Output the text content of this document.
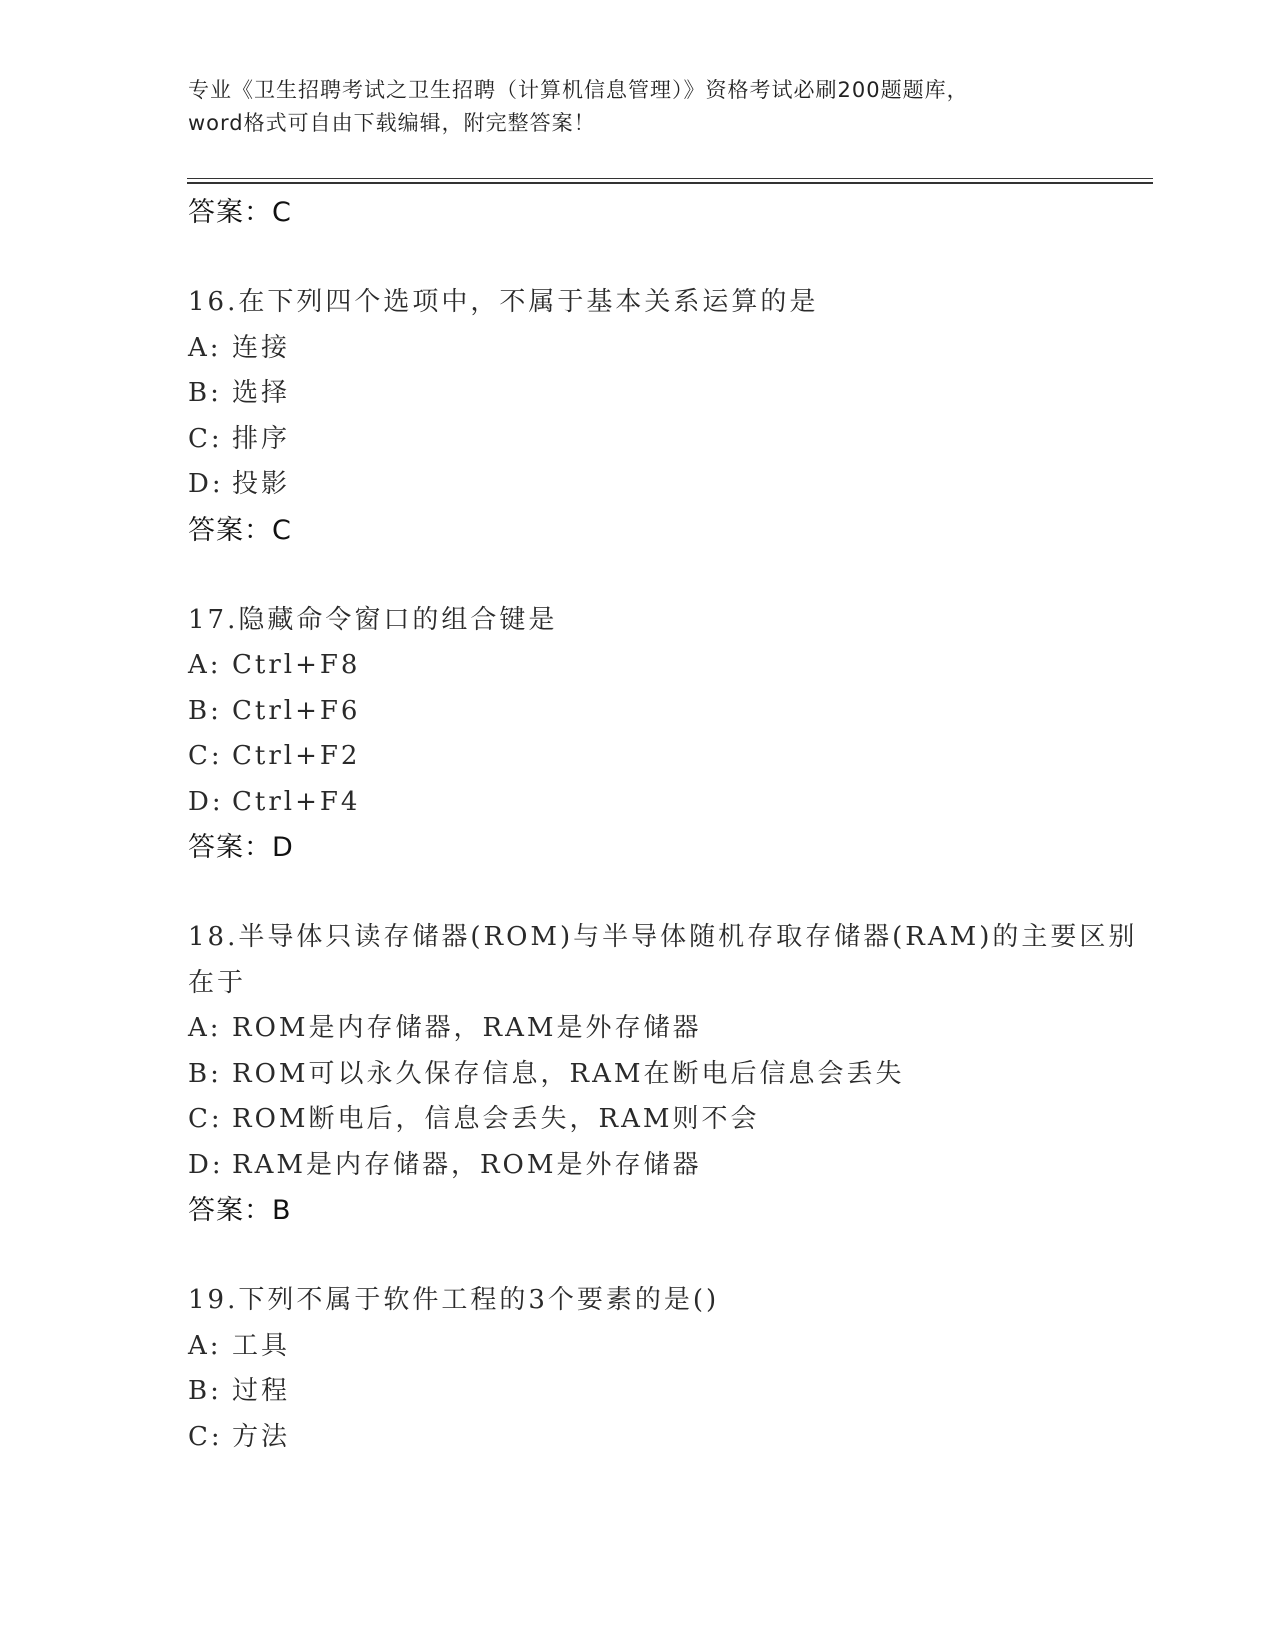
专业《卫生招聘考试之卫生招聘（计算机信息管理）》资格考试必刷200题题库，
word格式可自由下载编辑，附完整答案！
答案：C
16.在下列四个选项中，不属于基本关系运算的是
A: 连接
B: 选择
C: 排序
D: 投影
答案：C
17.隐藏命令窗口的组合键是
A: Ctrl+F8
B: Ctrl+F6
C: Ctrl+F2
D: Ctrl+F4
答案：D
18.半导体只读存储器(ROM)与半导体随机存取存储器(RAM)的主要区别
在于
A: ROM是内存储器，RAM是外存储器
B: ROM可以永久保存信息，RAM在断电后信息会丢失
C: ROM断电后，信息会丢失，RAM则不会
D: RAM是内存储器，ROM是外存储器
答案：B
19.下列不属于软件工程的3个要素的是()
A: 工具
B: 过程
C: 方法
